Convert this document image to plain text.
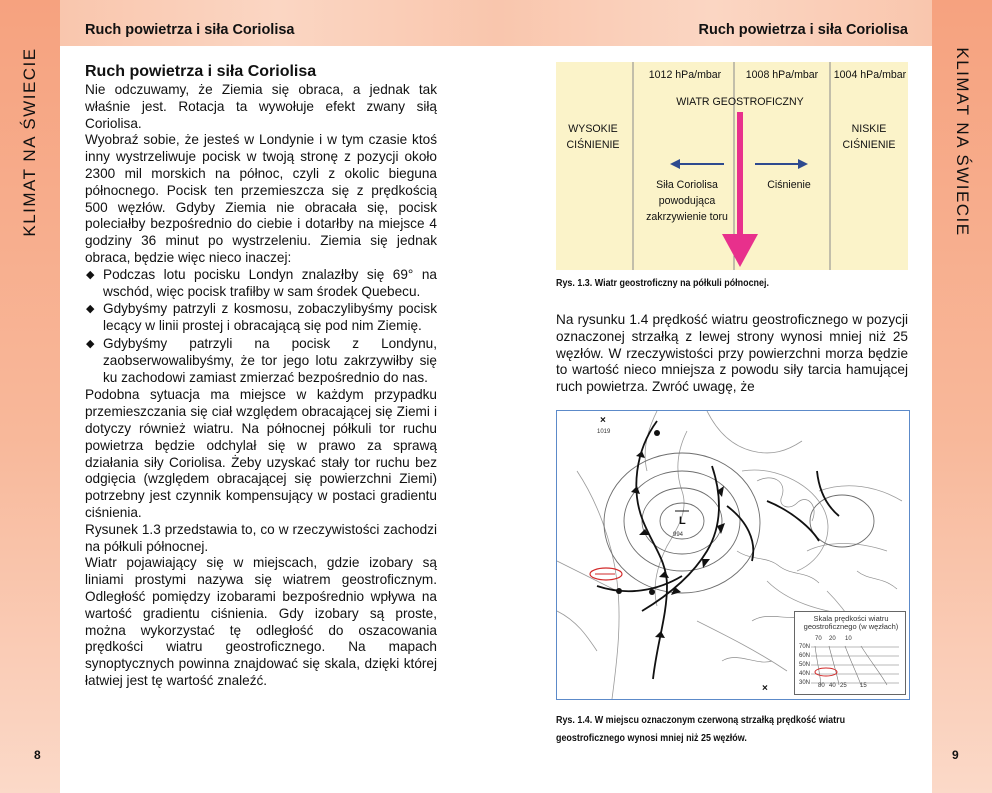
Ruch powietrza i siła Coriolisa	Ruch powietrza i siła Coriolisa
KLIMAT NA ŚWIECIE	KLIMAT NA ŚWIECIE
8	9
Ruch powietrza i siła Coriolisa

Nie odczuwamy, że Ziemia się obraca, a jednak tak właśnie jest. Rotacja ta wywołuje efekt zwany siłą Coriolisa.

Wyobraź sobie, że jesteś w Londynie i w tym czasie ktoś inny wystrzeliwuje pocisk w twoją stronę z pozycji około 2300 mil morskich na północ, czyli z okolic bieguna północnego. Pocisk ten przemieszcza się z prędkością 500 węzłów. Gdyby Ziemia nie obracała się, pocisk poleciałby bezpośrednio do ciebie i dotarłby na miejsce 4 godziny 36 minut po wystrzeleniu. Ziemia się jednak obraca, będzie więc nieco inaczej:

◆ Podczas lotu pocisku Londyn znalazłby się 69° na wschód, więc pocisk trafiłby w sam środek Quebecu.
◆ Gdybyśmy patrzyli z kosmosu, zobaczylibyśmy pocisk lecący w linii prostej i obracającą się pod nim Ziemię.
◆ Gdybyśmy patrzyli na pocisk z Londynu, zaobserwowalibyśmy, że tor jego lotu zakrzywiłby się ku zachodowi zamiast zmierzać bezpośrednio do nas.

Podobna sytuacja ma miejsce w każdym przypadku przemieszczania się ciał względem obracającej się Ziemi i dotyczy również wiatru. Na północnej półkuli tor ruchu powietrza będzie odchylał się w prawo za sprawą działania siły Coriolisa. Żeby uzyskać stały tor ruchu bez odgięcia (względem obracającej się powierzchni Ziemi) potrzebny jest czynnik kompensujący w postaci gradientu ciśnienia.

Rysunek 1.3 przedstawia to, co w rzeczywistości zachodzi na półkuli północnej.

Wiatr pojawiający się w miejscach, gdzie izobary są liniami prostymi nazywa się wiatrem geostroficznym. Odległość pomiędzy izobarami bezpośrednio wpływa na wartość gradientu ciśnienia. Gdy izobary są proste, można wykorzystać tę odległość do oszacowania prędkości wiatru geostroficznego. Na mapach synoptycznych powinna znajdować się skala, dzięki której łatwiej jest tę wartość znaleźć.

1012 hPa/mbar	1008 hPa/mbar	1004 hPa/mbar
WIATR GEOSTROFICZNY
WYSOKIE
CIŚNIENIE
NISKIE
CIŚNIENIE
Siła Coriolisa
powodująca
zakrzywienie toru
Ciśnienie
Rys. 1.3. Wiatr geostroficzny na półkuli północnej.

Na rysunku 1.4 prędkość wiatru geostroficznego w pozycji oznaczonej strzałką z lewej strony wynosi mniej niż 25 węzłów. W rzeczywistości przy powierzchni morza będzie to wartość nieco mniejsza z powodu siły tarcia hamującej ruch powietrza. Zwróć uwagę, że

L
994
1019
×
×
Skala prędkości wiatru geostroficznego (w węzłach)
70 20 10
70N
60N
50N
40N
30N 80 40 25 15
Rys. 1.4. W miejscu oznaczonym czerwoną strzałką prędkość wiatru geostroficznego wynosi mniej niż 25 węzłów.
